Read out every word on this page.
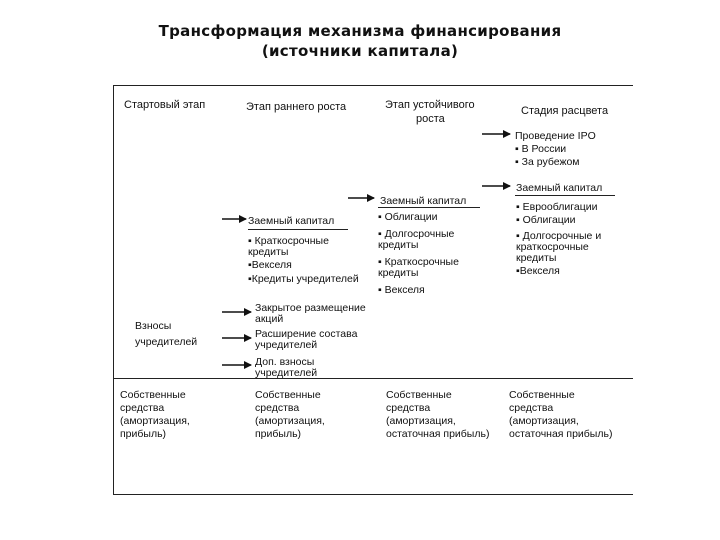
Трансформация механизма финансирования
(источники капитала)
Стартовый этап	Этап раннего роста	Этап устойчивого
роста
Стадия расцвета
Проведение IPO
▪ В России
▪ За рубежом
Заемный капитал
▪ Еврооблигации
▪ Облигации
▪ Долгосрочные и
краткосрочные
кредиты
▪Векселя
Заемный капитал
▪ Облигации
▪ Долгосрочные
кредиты
▪ Краткосрочные
кредиты
▪ Векселя
Заемный капитал
▪ Краткосрочные
кредиты
▪Векселя
▪Кредиты учредителей
Взносы
учредителей
Закрытое размещение
акций
Расширение состава
учредителей
Доп. взносы
учредителей
Собственные
средства
(амортизация,
прибыль)
Собственные
средства
(амортизация,
прибыль)
Собственные
средства
(амортизация,
остаточная прибыль)
Собственные
средства
(амортизация,
остаточная прибыль)
